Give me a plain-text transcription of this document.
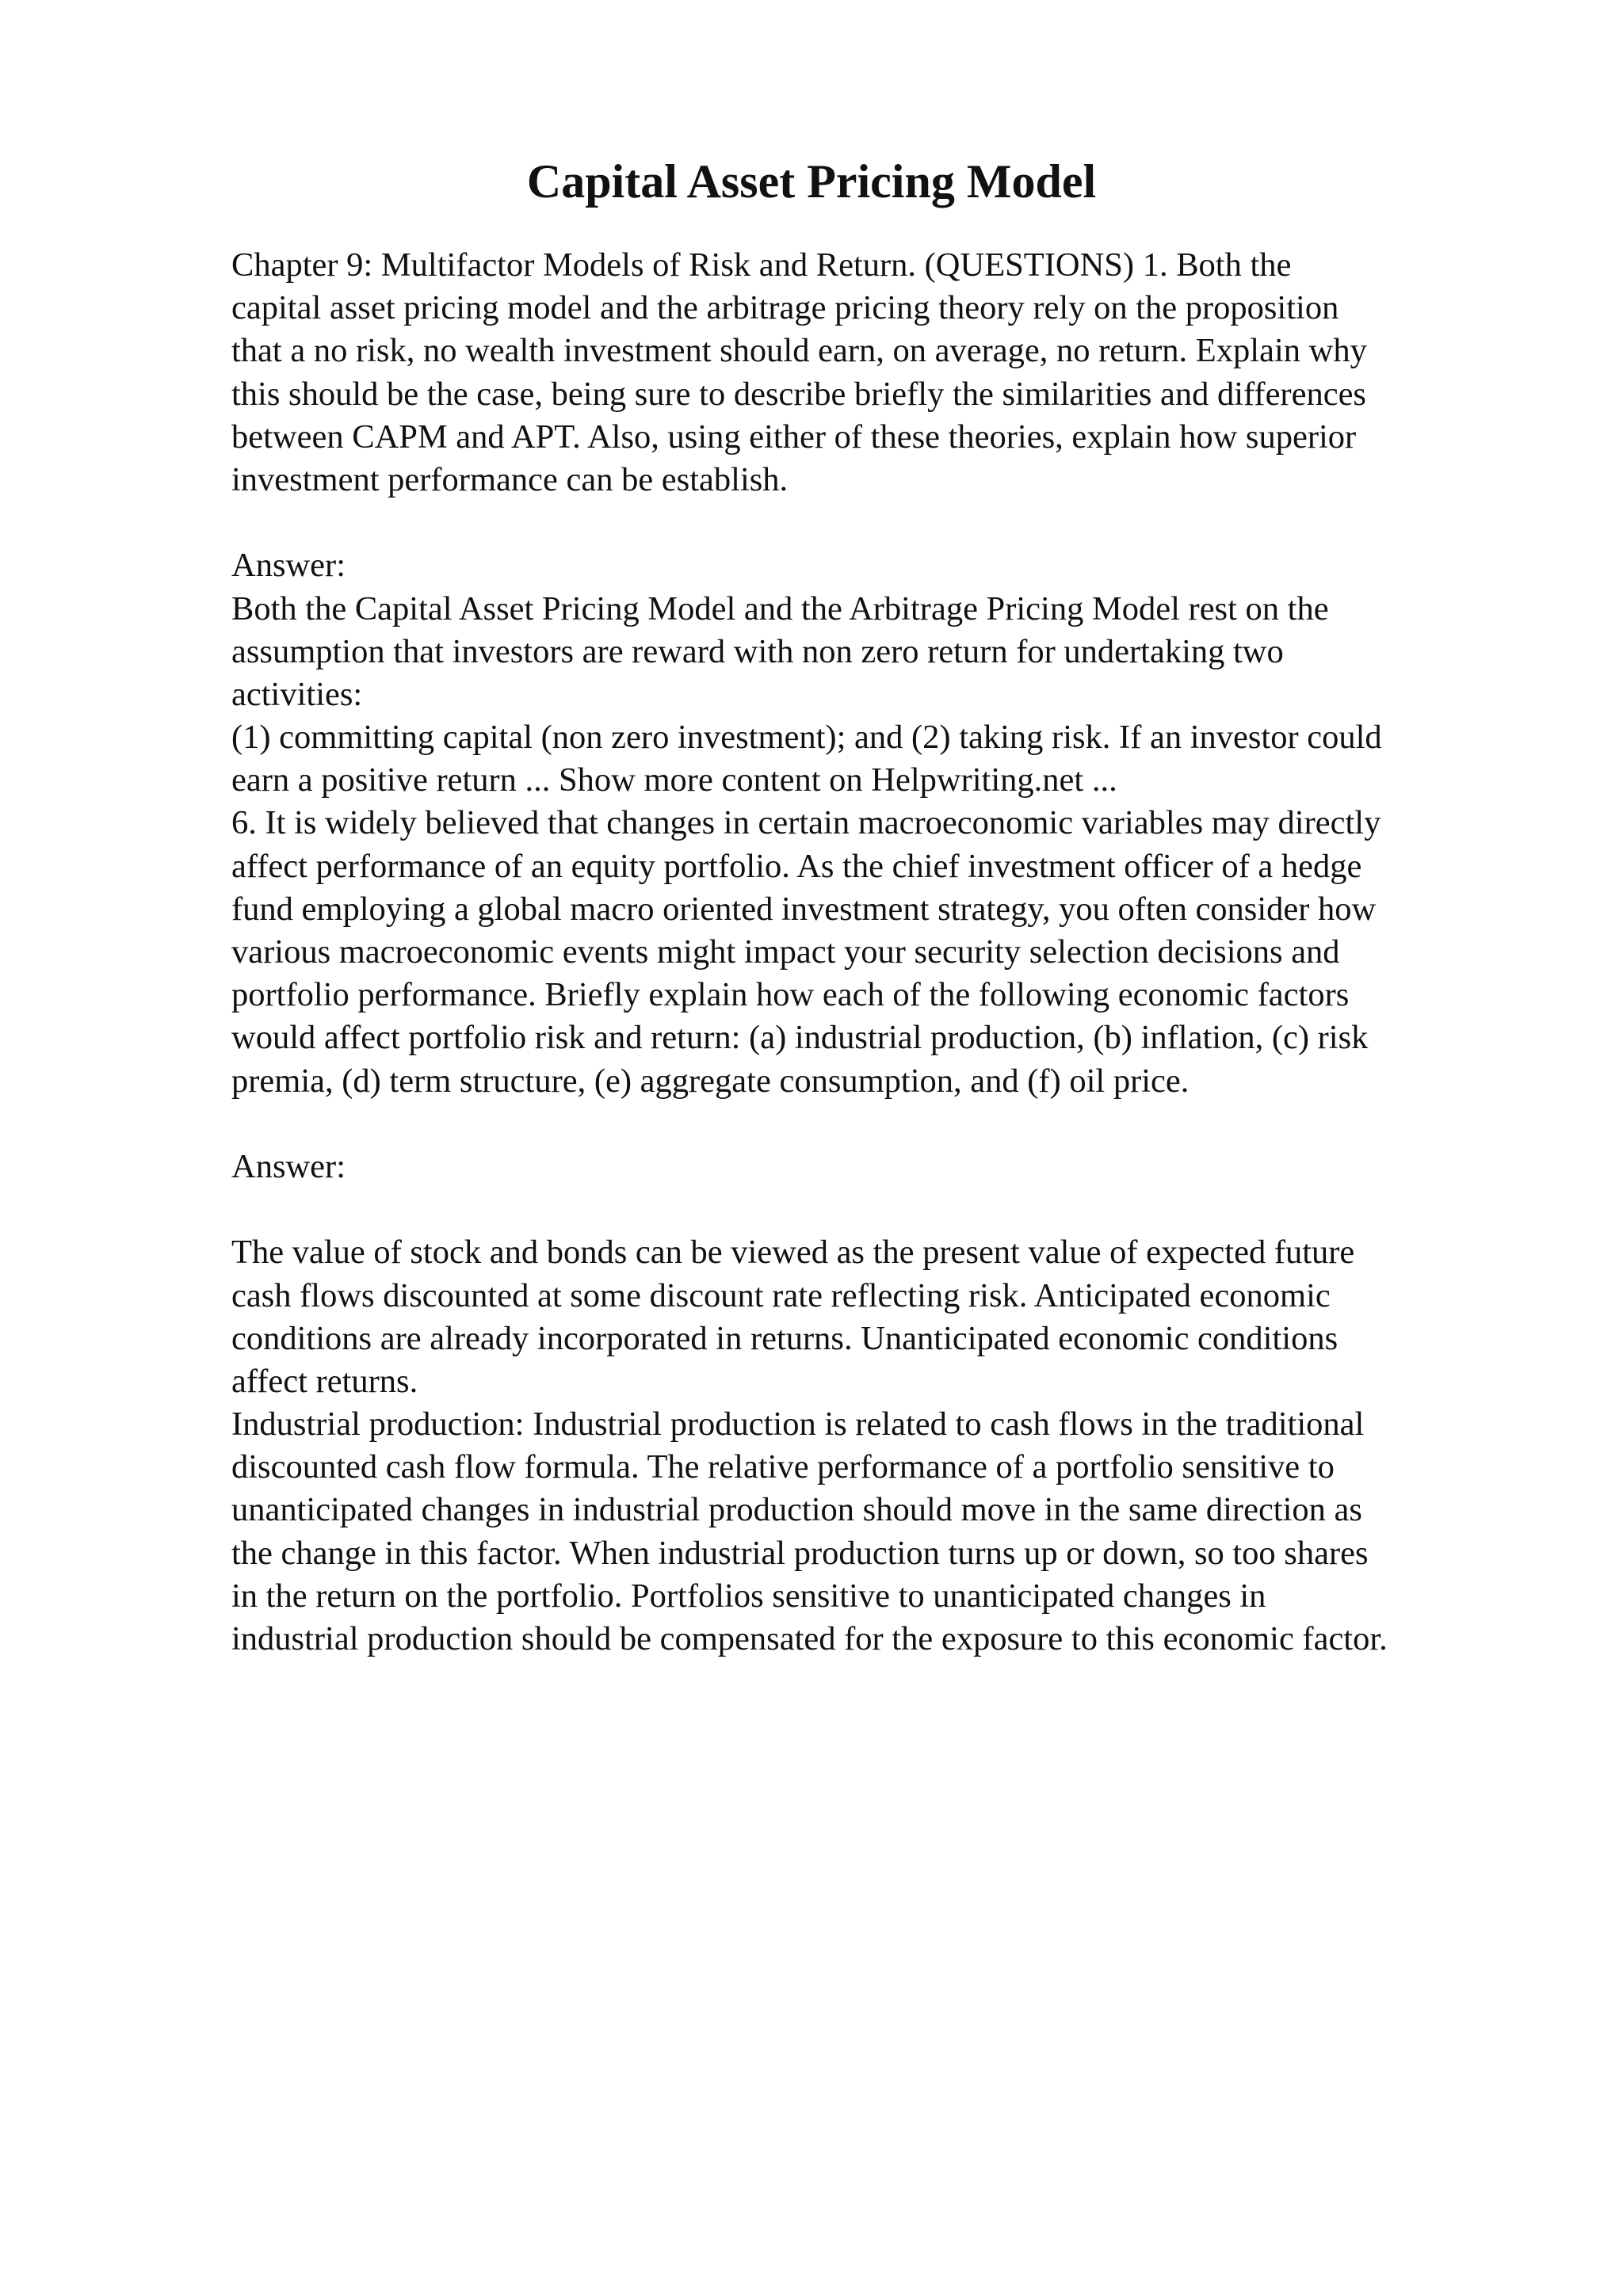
Capital Asset Pricing Model
Chapter 9: Multifactor Models of Risk and Return. (QUESTIONS) 1. Both the
capital asset pricing model and the arbitrage pricing theory rely on the proposition
that a no risk, no wealth investment should earn, on average, no return. Explain why
this should be the case, being sure to describe briefly the similarities and differences
between CAPM and APT. Also, using either of these theories, explain how superior
investment performance can be establish.
Answer:
Both the Capital Asset Pricing Model and the Arbitrage Pricing Model rest on the
assumption that investors are reward with non zero return for undertaking two
activities:
(1) committing capital (non zero investment); and (2) taking risk. If an investor could
earn a positive return ... Show more content on Helpwriting.net ...
6. It is widely believed that changes in certain macroeconomic variables may directly
affect performance of an equity portfolio. As the chief investment officer of a hedge
fund employing a global macro oriented investment strategy, you often consider how
various macroeconomic events might impact your security selection decisions and
portfolio performance. Briefly explain how each of the following economic factors
would affect portfolio risk and return: (a) industrial production, (b) inflation, (c) risk
premia, (d) term structure, (e) aggregate consumption, and (f) oil price.
Answer:
The value of stock and bonds can be viewed as the present value of expected future
cash flows discounted at some discount rate reflecting risk. Anticipated economic
conditions are already incorporated in returns. Unanticipated economic conditions
affect returns.
Industrial production: Industrial production is related to cash flows in the traditional
discounted cash flow formula. The relative performance of a portfolio sensitive to
unanticipated changes in industrial production should move in the same direction as
the change in this factor. When industrial production turns up or down, so too shares
in the return on the portfolio. Portfolios sensitive to unanticipated changes in
industrial production should be compensated for the exposure to this economic factor.
